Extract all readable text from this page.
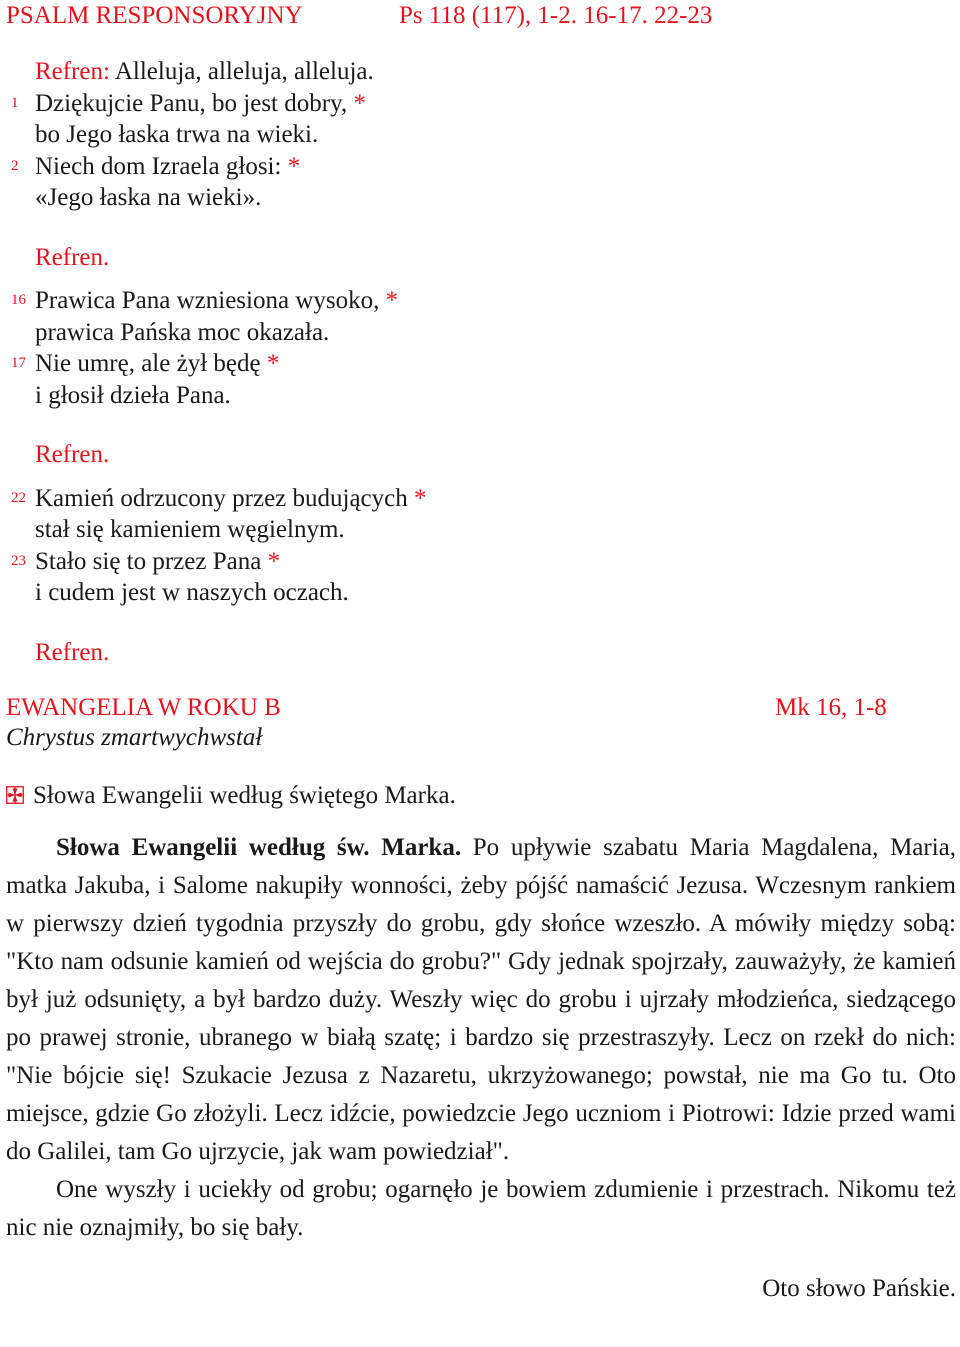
PSALM RESPONSORYJNY	Ps 118 (117), 1-2. 16-17. 22-23
Refren: Alleluja, alleluja, alleluja.
1 Dziękujcie Panu, bo jest dobry, *
bo Jego łaska trwa na wieki.
2 Niech dom Izraela głosi: *
«Jego łaska na wieki».
Refren.
16 Prawica Pana wzniesiona wysoko, *
prawica Pańska moc okazała.
17 Nie umrę, ale żył będę *
i głosił dzieła Pana.
Refren.
22 Kamień odrzucony przez budujących *
stał się kamieniem węgielnym.
23 Stało się to przez Pana *
i cudem jest w naszych oczach.
Refren.
EWANGELIA W ROKU B	Mk 16, 1-8
Chrystus zmartwychwstał
Słowa Ewangelii według świętego Marka.
Słowa Ewangelii według św. Marka. Po upływie szabatu Maria Magdalena, Maria, matka Jakuba, i Salome nakupiły wonności, żeby pójść namaścić Jezusa. Wczesnym rankiem w pierwszy dzień tygodnia przyszły do grobu, gdy słońce wzeszło. A mówiły między sobą: "Kto nam odsunie kamień od wejścia do grobu?" Gdy jednak spojrzały, zauważyły, że kamień był już odsunięty, a był bardzo duży. Weszły więc do grobu i ujrzały młodzieńca, siedzącego po prawej stronie, ubranego w białą szatę; i bardzo się przestraszyły. Lecz on rzekł do nich: "Nie bójcie się! Szukacie Jezusa z Nazaretu, ukrzyżowanego; powstał, nie ma Go tu. Oto miejsce, gdzie Go złożyli. Lecz idźcie, powiedzcie Jego uczniom i Piotrowi: Idzie przed wami do Galilei, tam Go ujrzycie, jak wam powiedział".
One wyszły i uciekły od grobu; ogarnęło je bowiem zdumienie i przestrach. Nikomu też nic nie oznajmiły, bo się bały.
Oto słowo Pańskie.
